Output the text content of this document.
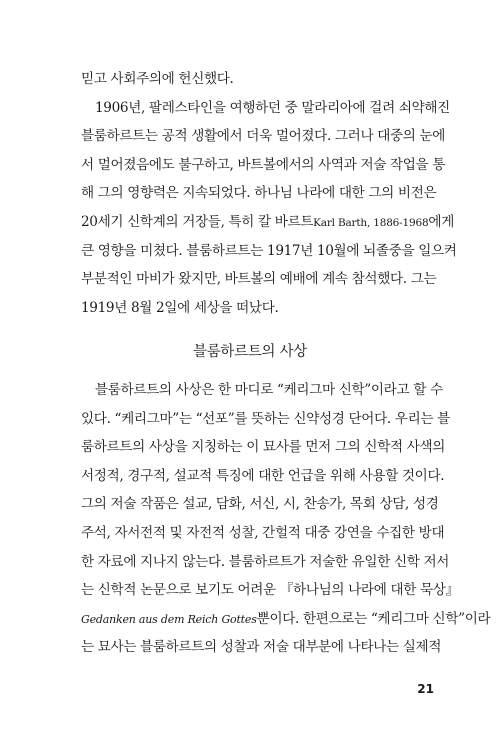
믿고 사회주의에 헌신했다.
1906년, 팔레스타인을 여행하던 중 말라리아에 걸려 쇠약해진
블룸하르트는 공적 생활에서 더욱 멀어졌다. 그러나 대중의 눈에
서 멀어졌음에도 불구하고, 바트볼에서의 사역과 저술 작업을 통
해 그의 영향력은 지속되었다. 하나님 나라에 대한 그의 비전은
20세기 신학계의 거장들, 특히 칼 바르트Karl Barth, 1886-1968에게
큰 영향을 미쳤다. 블룸하르트는 1917년 10월에 뇌졸중을 일으켜
부분적인 마비가 왔지만, 바트볼의 예배에 계속 참석했다. 그는
1919년 8월 2일에 세상을 떠났다.
블룸하르트의 사상
블룸하르트의 사상은 한 마디로 “케리그마 신학”이라고 할 수
있다. “케리그마”는 “선포”를 뜻하는 신약성경 단어다. 우리는 블
룸하르트의 사상을 지칭하는 이 묘사를 먼저 그의 신학적 사색의
서정적, 경구적, 설교적 특징에 대한 언급을 위해 사용할 것이다.
그의 저술 작품은 설교, 담화, 서신, 시, 찬송가, 목회 상담, 성경
주석, 자서전적 및 자전적 성찰, 간헐적 대중 강연을 수집한 방대
한 자료에 지나지 않는다. 블룸하르트가 저술한 유일한 신학 저서
는 신학적 논문으로 보기도 어려운 『하나님의 나라에 대한 묵상』
Gedanken aus dem Reich Gottes뿐이다. 한편으로는 “케리그마 신학”이라
는 묘사는 블룸하르트의 성찰과 저술 대부분에 나타나는 실제적
21
